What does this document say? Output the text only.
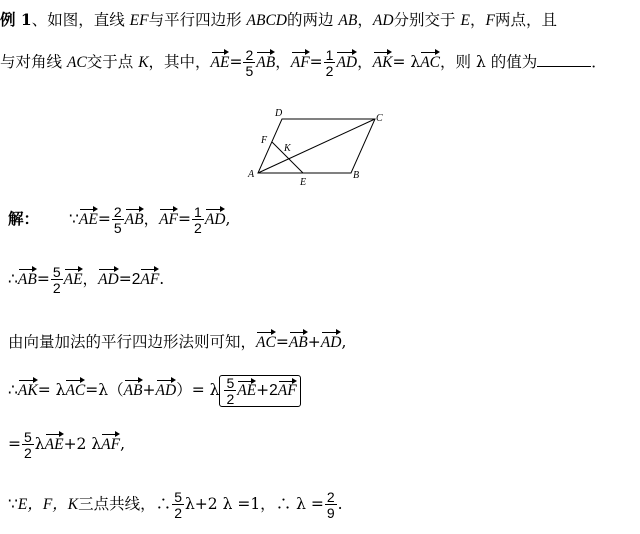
例 1、如图，直线 EF与平行四边形 ABCD的两边 AB，AD分别交于 E，F两点，且
与对角线 AC交于点 K，其中，$AE= \frac{2}{5}$ AB，$AF= \frac{1}{2}$ AD，AK= λAC，则 λ 的值为	．
A	B
C
D
E
F
K
解： ∵AE= $\frac{2}{5}$ AB，$AF= \frac{1}{2}$ AD,
∴AB= $\frac{5}{2}$ AE，AD=2AF.
由向量加法的平行四边形法则可知，AC=AB+AD,
∴AK= λAC=λ（AB+AD）= λ $\frac{5}{2} AE+2AF$
= $\frac{5}{2} \lambda AE+2$ λAF,
∵E，F，K三点共线，∴ $\frac{5}{2} \lambda+2$ λ =1，∴ $\lambda = \frac{2}{9}$ .
